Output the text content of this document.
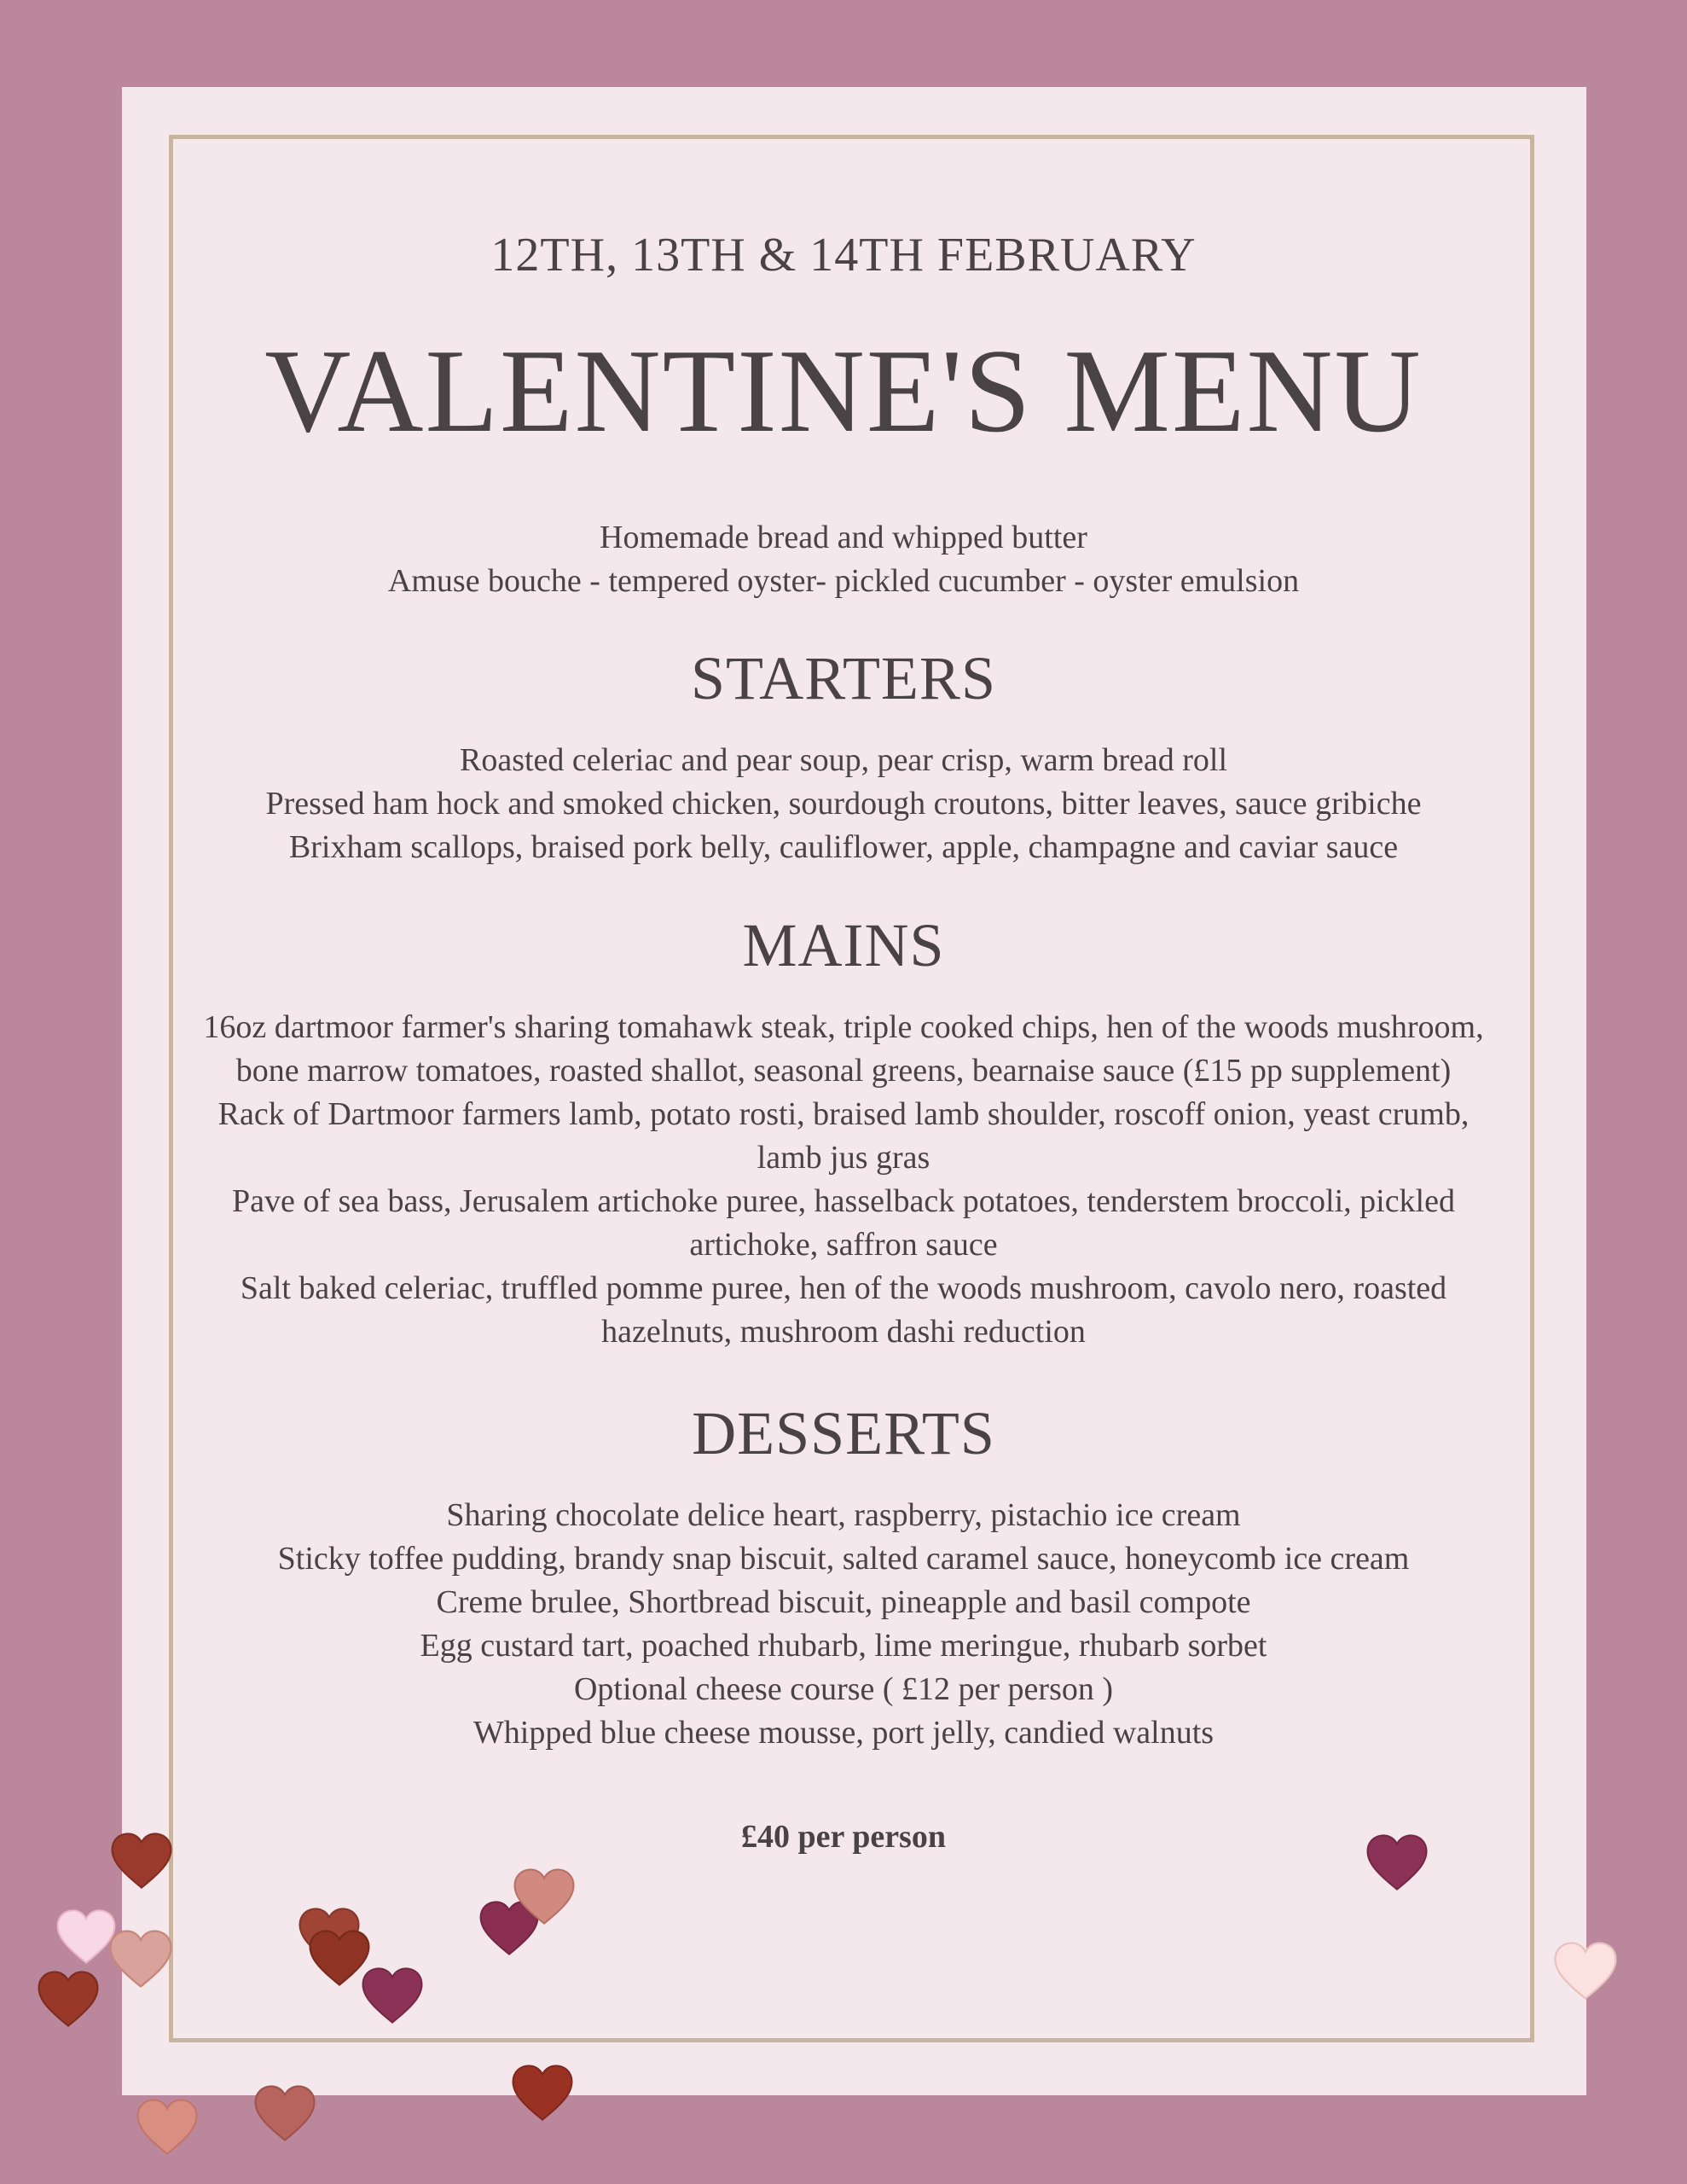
12TH, 13TH & 14TH FEBRUARY
VALENTINE'S MENU
Homemade bread and whipped butter
Amuse bouche - tempered oyster- pickled cucumber - oyster emulsion
STARTERS
Roasted celeriac and pear soup, pear crisp, warm bread roll
Pressed ham hock and smoked chicken, sourdough croutons, bitter leaves, sauce gribiche
Brixham scallops, braised pork belly, cauliflower, apple, champagne and caviar sauce
MAINS
16oz dartmoor farmer's sharing tomahawk steak, triple cooked chips, hen of the woods mushroom, bone marrow tomatoes, roasted shallot, seasonal greens, bearnaise sauce (£15 pp supplement)
Rack of Dartmoor farmers lamb, potato rosti, braised lamb shoulder, roscoff onion, yeast crumb, lamb jus gras
Pave of sea bass, Jerusalem artichoke puree, hasselback potatoes, tenderstem broccoli, pickled artichoke, saffron sauce
Salt baked celeriac, truffled pomme puree, hen of the woods mushroom, cavolo nero, roasted hazelnuts, mushroom dashi reduction
DESSERTS
Sharing chocolate delice heart, raspberry, pistachio ice cream
Sticky toffee pudding, brandy snap biscuit, salted caramel sauce, honeycomb ice cream
Creme brulee, Shortbread biscuit, pineapple and basil compote
Egg custard tart, poached rhubarb, lime meringue, rhubarb sorbet
Optional cheese course ( £12 per person )
Whipped blue cheese mousse, port jelly, candied walnuts
£40 per person
